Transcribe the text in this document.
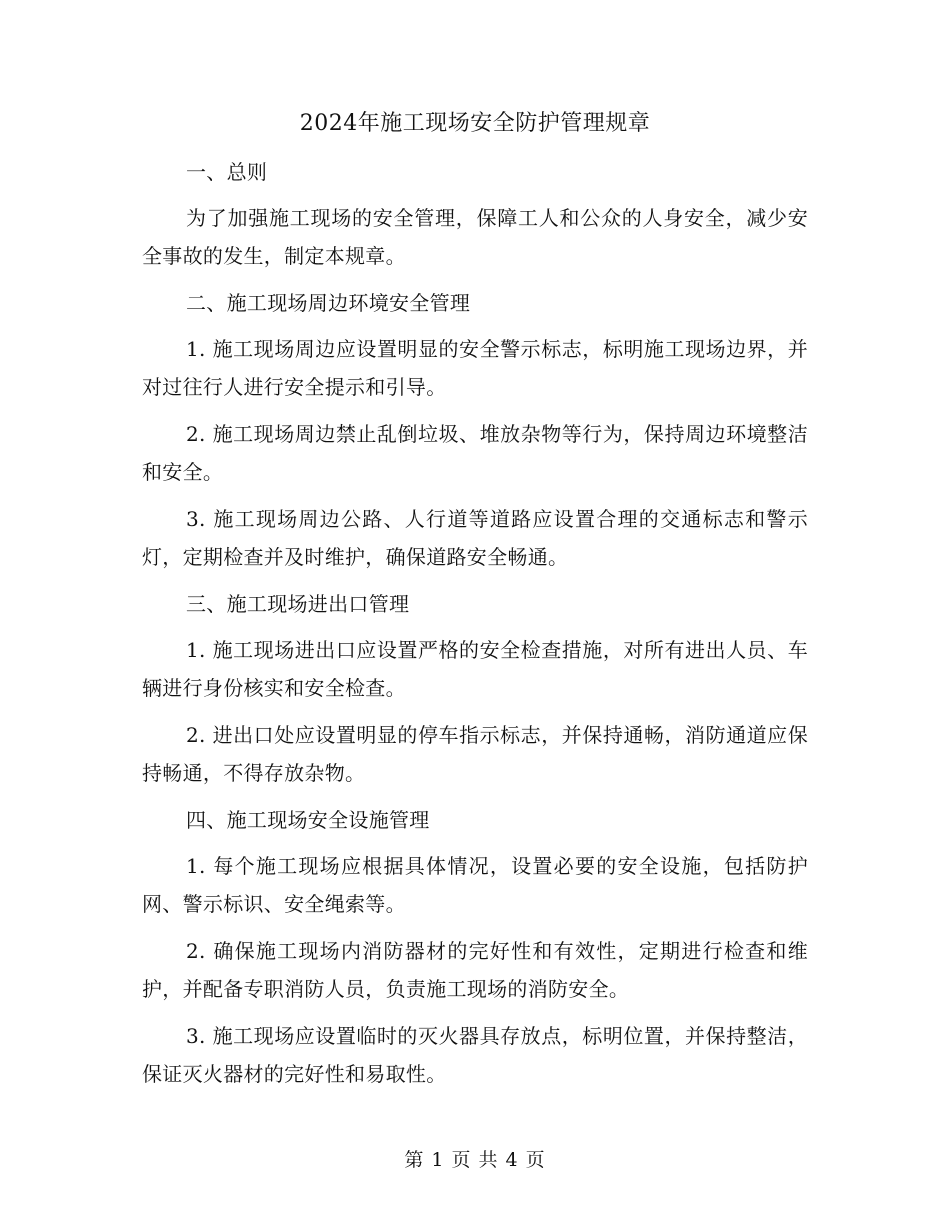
2024年施工现场安全防护管理规章

一、总则

为了加强施工现场的安全管理，保障工人和公众的人身安全，减少安全事故的发生，制定本规章。

二、施工现场周边环境安全管理

1. 施工现场周边应设置明显的安全警示标志，标明施工现场边界，并对过往行人进行安全提示和引导。

2. 施工现场周边禁止乱倒垃圾、堆放杂物等行为，保持周边环境整洁和安全。

3. 施工现场周边公路、人行道等道路应设置合理的交通标志和警示灯，定期检查并及时维护，确保道路安全畅通。

三、施工现场进出口管理

1. 施工现场进出口应设置严格的安全检查措施，对所有进出人员、车辆进行身份核实和安全检查。

2. 进出口处应设置明显的停车指示标志，并保持通畅，消防通道应保持畅通，不得存放杂物。

四、施工现场安全设施管理

1. 每个施工现场应根据具体情况，设置必要的安全设施，包括防护网、警示标识、安全绳索等。

2. 确保施工现场内消防器材的完好性和有效性，定期进行检查和维护，并配备专职消防人员，负责施工现场的消防安全。

3. 施工现场应设置临时的灭火器具存放点，标明位置，并保持整洁，保证灭火器材的完好性和易取性。

第 1 页 共 4 页
